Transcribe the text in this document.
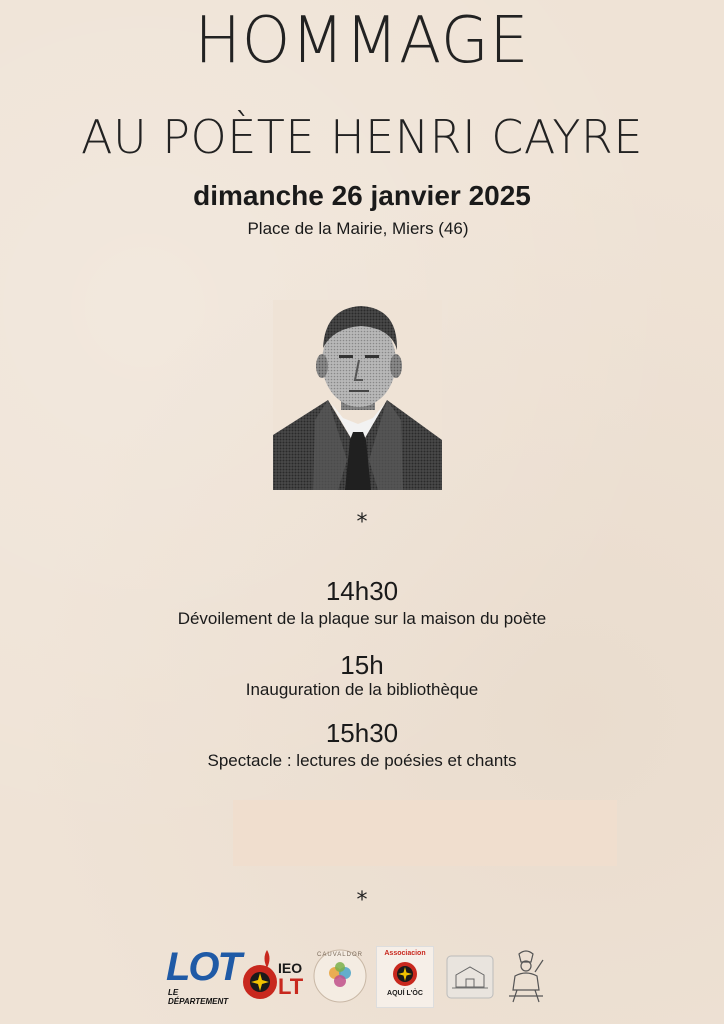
HOMMAGE
AU POÈTE HENRI CAYRE
dimanche 26 janvier 2025
Place de la Mairie, Miers (46)
*
14h30
Dévoilement de la plaque sur la maison du poète
15h
Inauguration de la bibliothèque
15h30
Spectacle : lectures de poésies et chants
*
LOT
LE DÉPARTEMENT
IEO
LT
CAUVALDOR	Associacion
AQUÍ L'ÒC
